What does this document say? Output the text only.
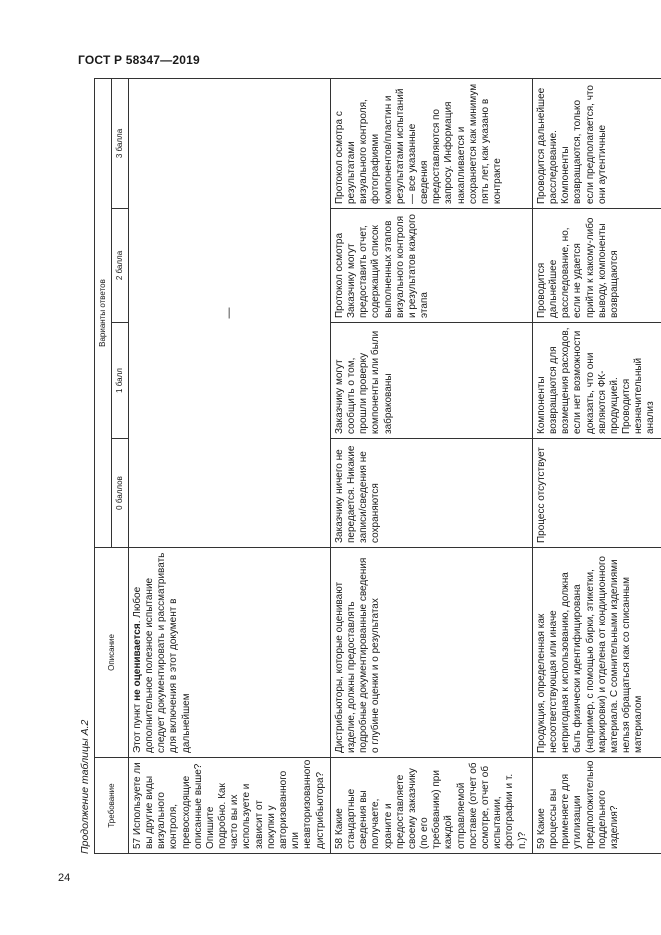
ГОСТ Р 58347—2019
Продолжение таблицы А.2 Требование	Описание	Варианты ответов			
		0 баллов	1 балл	2 балла	3 балла
57 Используете ли вы другие виды визуального контроля, превосходящие описанные выше? Опишите подробно. Как часто вы их используете и зависит от покупки у авторизованного или неавторизованного дистрибьютора?	Этот пункт не оценивается. Любое дополнительное полезное испытание следует документировать и рассматривать для включения в этот документ в дальнейшем	—			
58 Какие стандартные сведения вы получаете, храните и предоставляете своему заказчику (по его требованию) при каждой отправляемой поставке (отчет об осмотре, отчет об испытании, фотографии и т. п.)?	Дистрибьюторы, которые оценивают изделие, должны предоставлять подробные документированные сведения о глубине оценки и о результатах	Заказчику ничего не передается. Никакие записи/сведения не сохраняются	Заказчику могут сообщить о том, прошли проверку компоненты или были забракованы	Протокол осмотра Заказчику могут предоставить отчет, содержащий список выполненных этапов визуального контроля и результатов каждого этапа	Протокол осмотра с результатами визуального контроля, фотографиями компонентов/пластин и результатами испытаний — все указанные сведения предоставляются по запросу. Информация накапливается и сохраняется как минимум пять лет, как указано в контракте
59 Какие процессы вы применяете для утилизации предположительно поддельного изделия?	Продукция, определенная как несоответствующая или иначе непригодная к использованию, должна быть физически идентифицирована (например, с помощью бирки, этикетки, маркировки) и отделена от кондиционного материала. С сомнительными изделиями нельзя обращаться как со списанным материалом	Процесс отсутствует	Компоненты возвращаются для возмещения расходов, если нет возможности доказать, что они являются ФК-продукцией. Проводится незначительный анализ	Проводится дальнейшее расследование, но, если не удается прийти к какому-либо выводу, компоненты возвращаются	Проводится дальнейшее расследование. Компоненты возвращаются, только если предполагается, что они аутентичные
24
